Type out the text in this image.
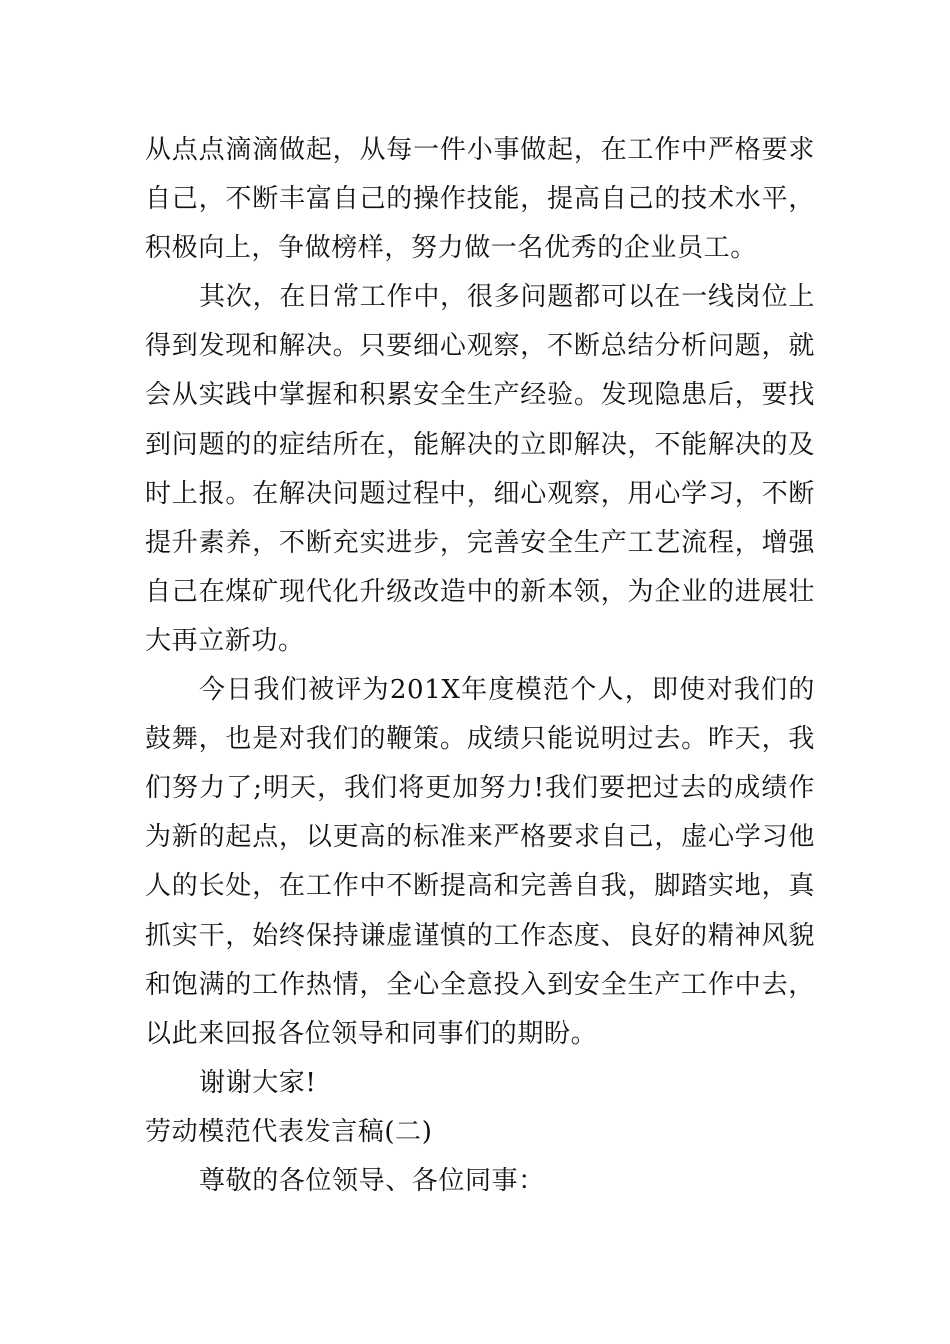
从点点滴滴做起，从每一件小事做起，在工作中严格要求自己，不断丰富自己的操作技能，提高自己的技术水平，积极向上，争做榜样，努力做一名优秀的企业员工。

其次，在日常工作中，很多问题都可以在一线岗位上得到发现和解决。只要细心观察，不断总结分析问题，就会从实践中掌握和积累安全生产经验。发现隐患后，要找到问题的的症结所在，能解决的立即解决，不能解决的及时上报。在解决问题过程中，细心观察，用心学习，不断提升素养，不断充实进步，完善安全生产工艺流程，增强自己在煤矿现代化升级改造中的新本领，为企业的进展壮大再立新功。

今日我们被评为201X年度模范个人，即使对我们的鼓舞，也是对我们的鞭策。成绩只能说明过去。昨天，我们努力了;明天，我们将更加努力!我们要把过去的成绩作为新的起点，以更高的标准来严格要求自己，虚心学习他人的长处，在工作中不断提高和完善自我，脚踏实地，真抓实干，始终保持谦虚谨慎的工作态度、良好的精神风貌和饱满的工作热情，全心全意投入到安全生产工作中去，以此来回报各位领导和同事们的期盼。

谢谢大家!

劳动模范代表发言稿(二)

尊敬的各位领导、各位同事：
